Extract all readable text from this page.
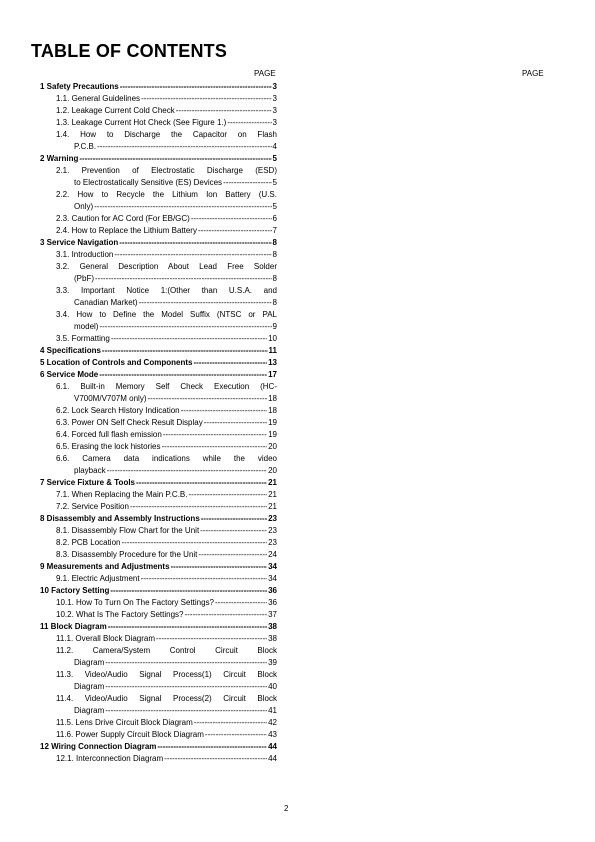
TABLE OF CONTENTS
PAGE	PAGE
1 Safety Precautions -----	3
1.1. General Guidelines -----	3
1.2. Leakage Current Cold Check -----	3
1.3. Leakage Current Hot Check (See Figure 1.) -----	3
1.4. How to Discharge the Capacitor on Flash
P.C.B. -----	4
2 Warning -----	5
2.1. Prevention of Electrostatic Discharge (ESD)
to Electrostatically Sensitive (ES) Devices -----	5
2.2. How to Recycle the Lithium Ion Battery (U.S.
Only) -----	5
2.3. Caution for AC Cord (For EB/GC) -----	6
2.4. How to Replace the Lithium Battery -----	7
3 Service Navigation -----	8
3.1. Introduction -----	8
3.2. General Description About Lead Free Solder
(PbF) -----	8
3.3. Important Notice 1:(Other than U.S.A. and
Canadian Market) -----	8
3.4. How to Define the Model Suffix (NTSC or PAL
model) -----	9
3.5. Formatting -----	10
4 Specifications -----	11
5 Location of Controls and Components -----	13
6 Service Mode -----	17
6.1. Built-in Memory Self Check Execution (HC-
V700M/V707M only) -----	18
6.2. Lock Search History Indication -----	18
6.3. Power ON Self Check Result Display -----	19
6.4. Forced full flash emission -----	19
6.5. Erasing the lock histories -----	20
6.6. Camera data indications while the video
playback -----	20
7 Service Fixture & Tools -----	21
7.1. When Replacing the Main P.C.B. -----	21
7.2. Service Position -----	21
8 Disassembly and Assembly Instructions -----	23
8.1. Disassembly Flow Chart for the Unit -----	23
8.2. PCB Location -----	23
8.3. Disassembly Procedure for the Unit -----	24
9 Measurements and Adjustments -----	34
9.1. Electric Adjustment -----	34
10 Factory Setting -----	36
10.1. How To Turn On The Factory Settings? -----	36
10.2. What Is The Factory Settings? -----	37
11 Block Diagram -----	38
11.1. Overall Block Diagram -----	38
11.2. Camera/System Control Circuit Block
Diagram -----	39
11.3. Video/Audio Signal Process(1) Circuit Block
Diagram -----	40
11.4. Video/Audio Signal Process(2) Circuit Block
Diagram -----	41
11.5. Lens Drive Circuit Block Diagram -----	42
11.6. Power Supply Circuit Block Diagram -----	43
12 Wiring Connection Diagram -----	44
12.1. Interconnection Diagram -----	44
2
